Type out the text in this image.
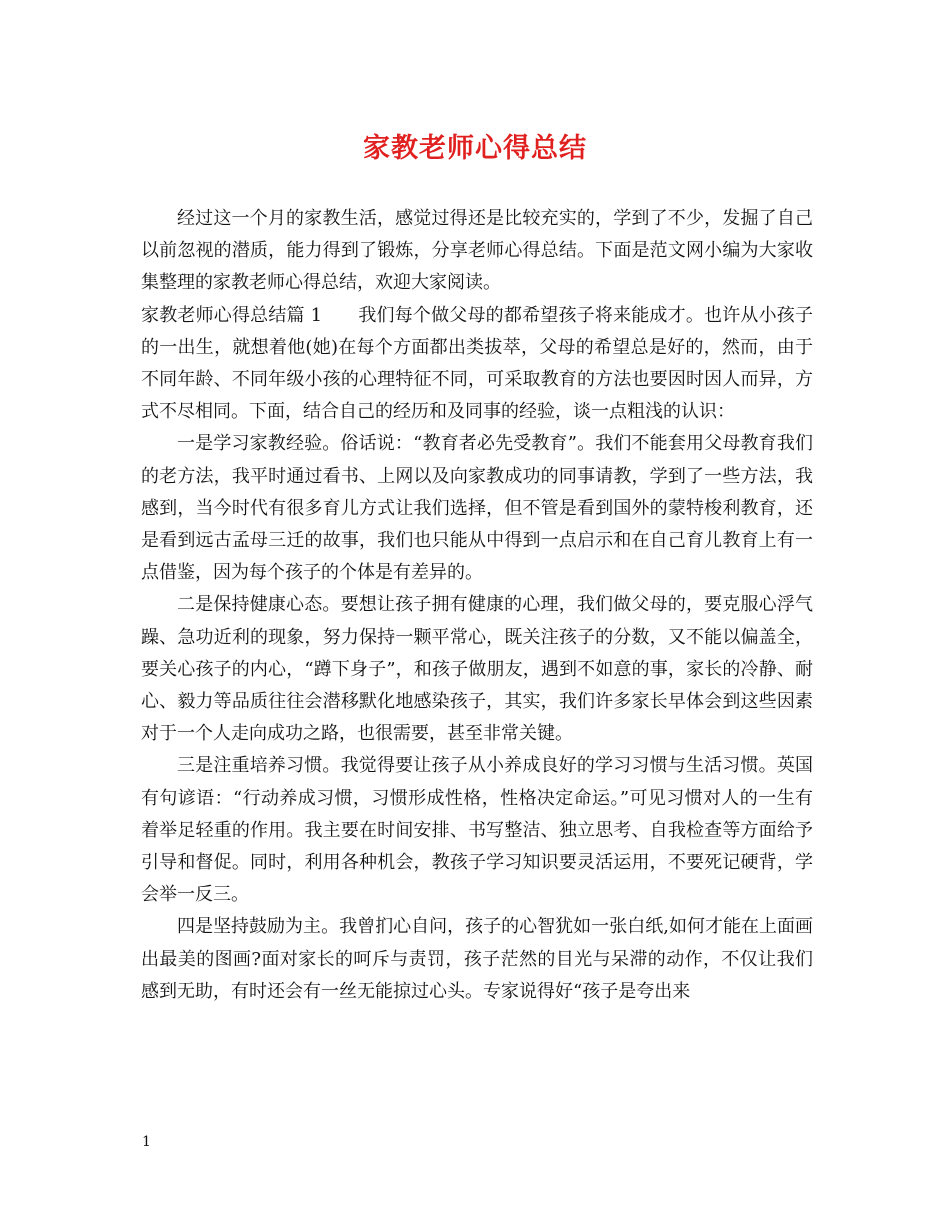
家教老师心得总结

经过这一个月的家教生活，感觉过得还是比较充实的，学到了不少，发掘了自己以前忽视的潜质，能力得到了锻炼，分享老师心得总结。下面是范文网小编为大家收集整理的家教老师心得总结，欢迎大家阅读。

家教老师心得总结篇 1 我们每个做父母的都希望孩子将来能成才。也许从小孩子的一出生，就想着他(她)在每个方面都出类拔萃，父母的希望总是好的，然而，由于不同年龄、不同年级小孩的心理特征不同，可采取教育的方法也要因时因人而异，方式不尽相同。下面，结合自己的经历和及同事的经验，谈一点粗浅的认识：

一是学习家教经验。俗话说：“教育者必先受教育”。我们不能套用父母教育我们的老方法，我平时通过看书、上网以及向家教成功的同事请教，学到了一些方法，我感到，当今时代有很多育儿方式让我们选择，但不管是看到国外的蒙特梭利教育，还是看到远古孟母三迁的故事，我们也只能从中得到一点启示和在自己育儿教育上有一点借鉴，因为每个孩子的个体是有差异的。

二是保持健康心态。要想让孩子拥有健康的心理，我们做父母的，要克服心浮气躁、急功近利的现象，努力保持一颗平常心，既关注孩子的分数，又不能以偏盖全，要关心孩子的内心，“蹲下身子”，和孩子做朋友，遇到不如意的事，家长的冷静、耐心、毅力等品质往往会潜移默化地感染孩子，其实，我们许多家长早体会到这些因素对于一个人走向成功之路，也很需要，甚至非常关键。

三是注重培养习惯。我觉得要让孩子从小养成良好的学习习惯与生活习惯。英国有句谚语：“行动养成习惯，习惯形成性格，性格决定命运。”可见习惯对人的一生有着举足轻重的作用。我主要在时间安排、书写整洁、独立思考、自我检查等方面给予引导和督促。同时，利用各种机会，教孩子学习知识要灵活运用，不要死记硬背，学会举一反三。

四是坚持鼓励为主。我曾扪心自问，孩子的心智犹如一张白纸,如何才能在上面画出最美的图画?面对家长的呵斥与责罚，孩子茫然的目光与呆滞的动作，不仅让我们感到无助，有时还会有一丝无能掠过心头。专家说得好“孩子是夸出来

1
